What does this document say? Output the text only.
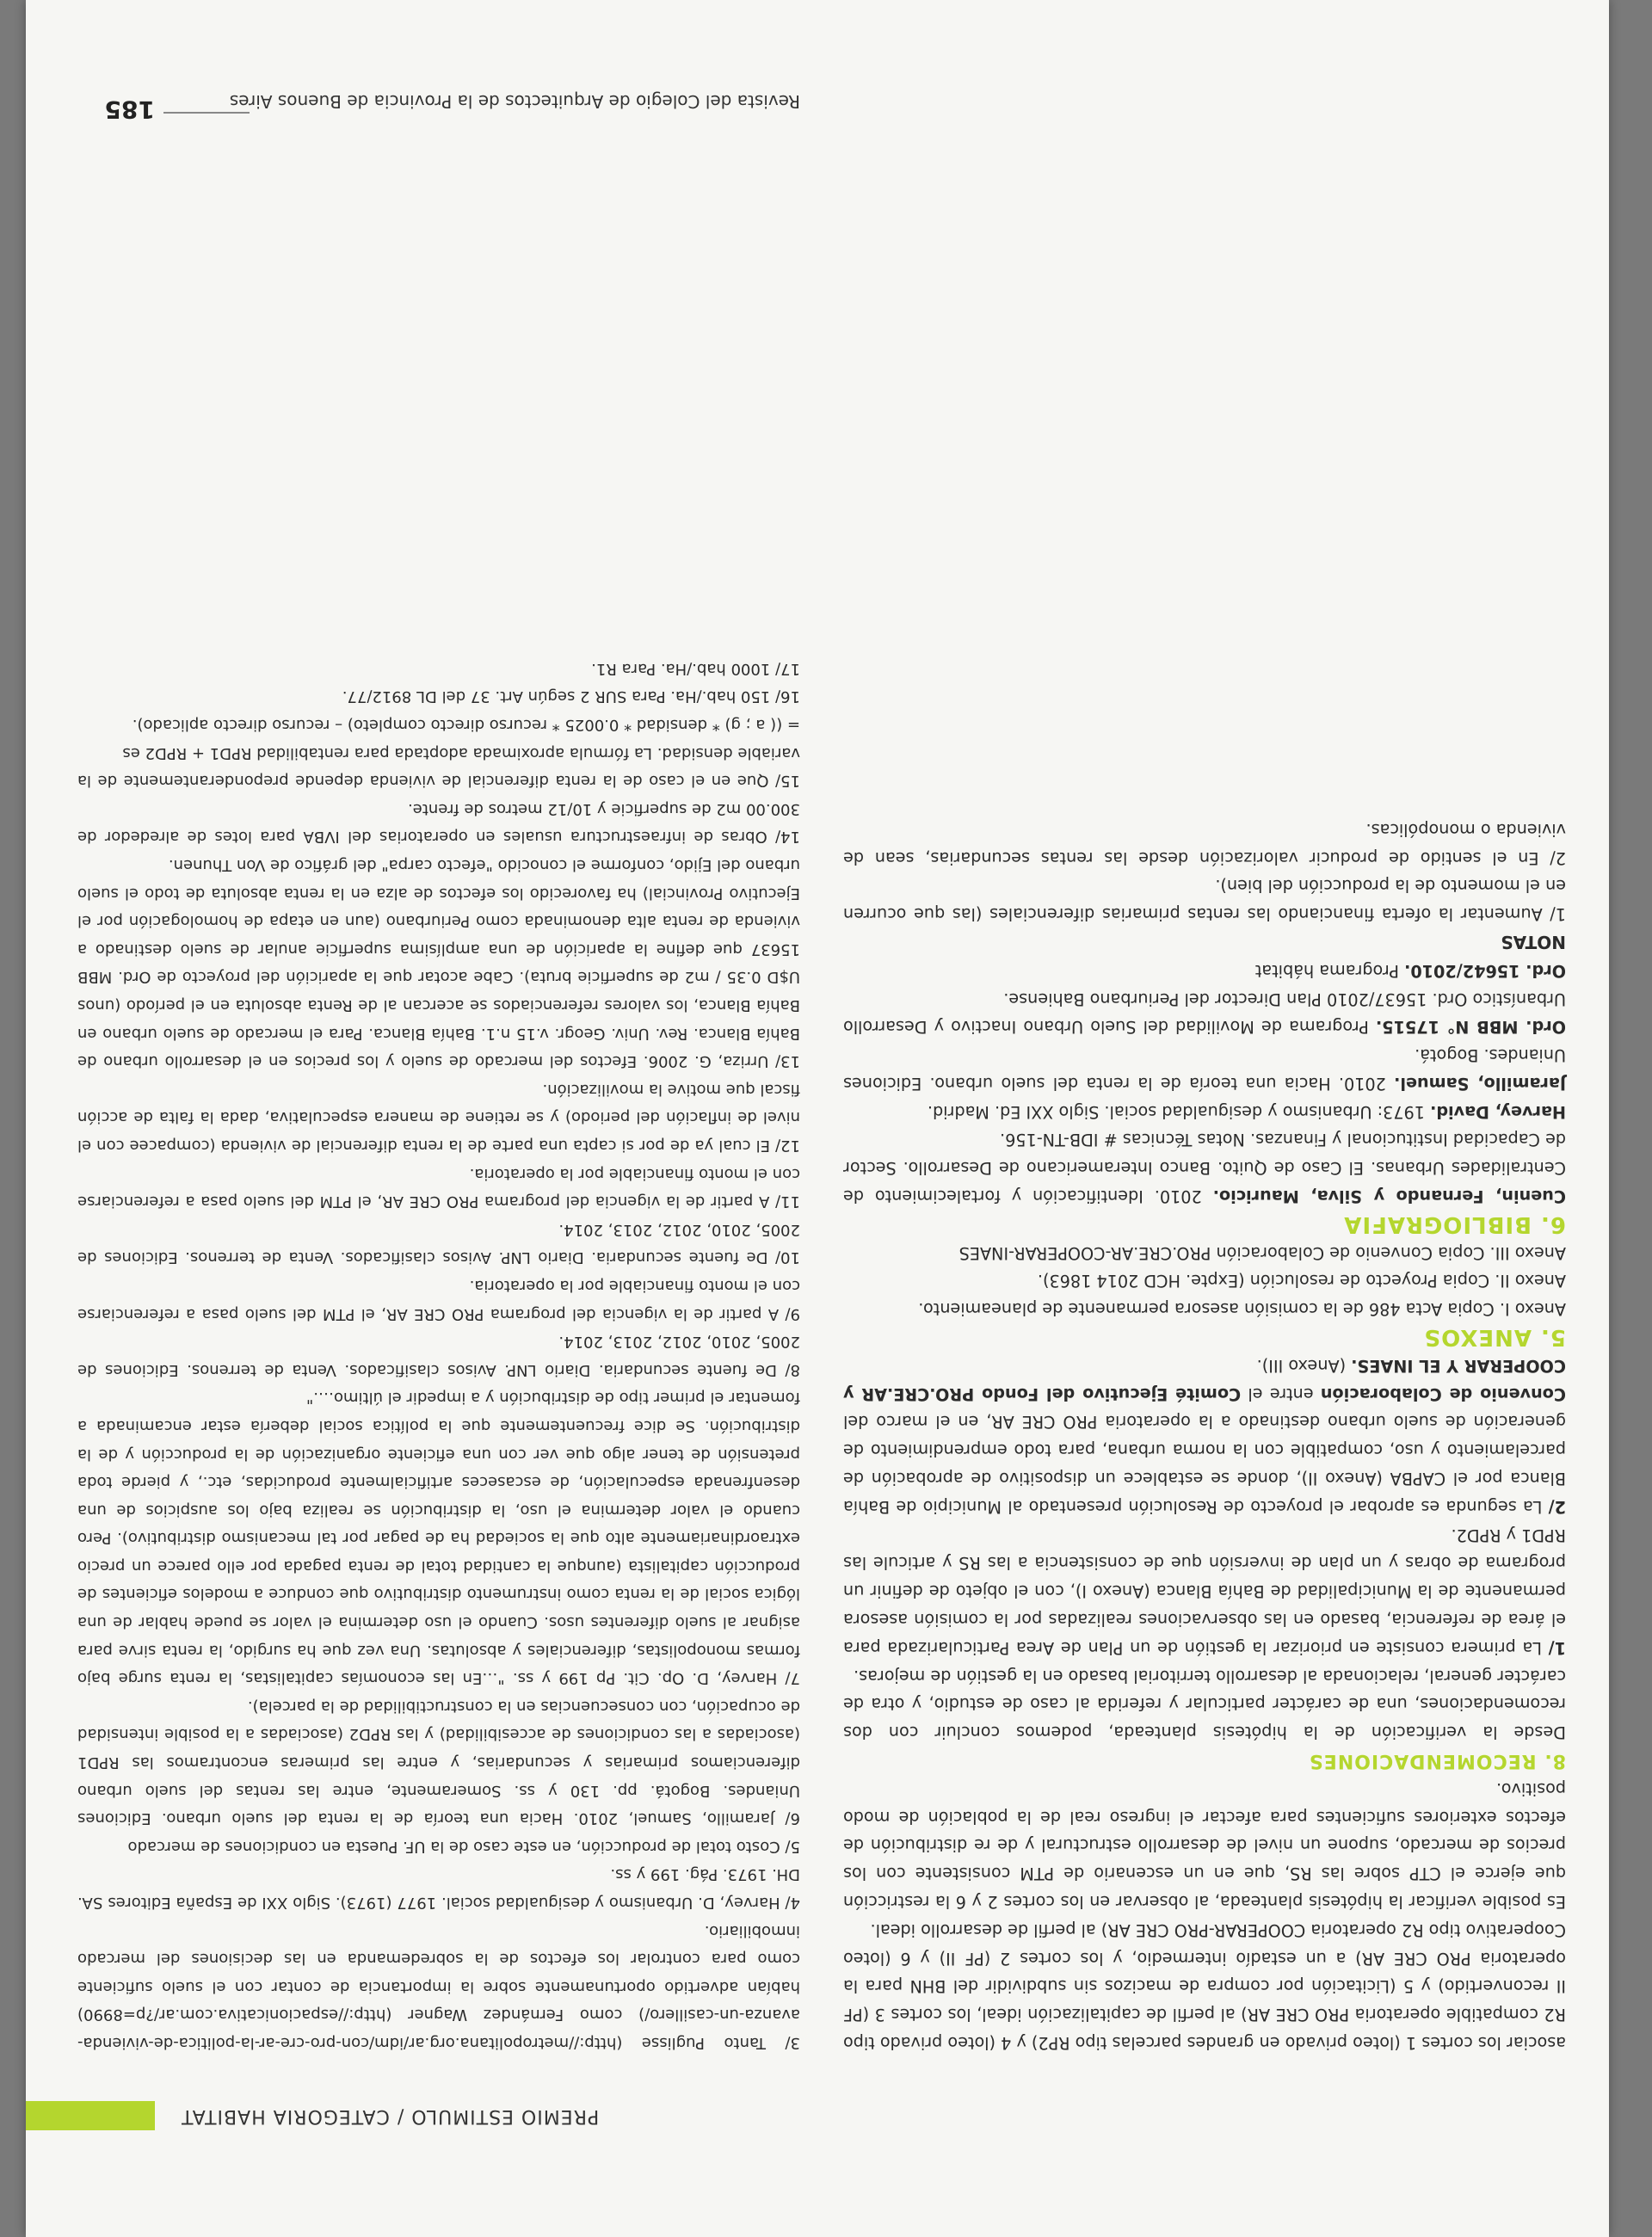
PREMIO ESTIMULO / CATEGORIA HABITAT

asociar los cortes 1 (loteo privado en grandes parcelas tipo RP2) y 4 (loteo privado tipo R2 compatible operatoria PRO CRE AR) al perfil de capitalización ideal, los cortes 3 (PF II reconvertido) y 5 (Licitación por compra de macizos sin subdividir del BHN para la operatoria PRO CRE AR) a un estadío intermedio, y los cortes 2 (PF II) y 6 (loteo Cooperativo tipo R2 operatoria COOPERAR-PRO CRE AR) al perfil de desarrollo ideal.

Es posible verificar la hipótesis planteada, al observar en los cortes 2 y 6 la restricción que ejerce el CTP sobre las RS, que en un escenario de PTM consistente con los precios de mercado, supone un nivel de desarrollo estructural y de re distribución de efectos exteriores suficientes para afectar el ingreso real de la población de modo positivo.

8. RECOMENDACIONES

Desde la verificación de la hipótesis planteada, podemos concluir con dos recomendaciones, una de carácter particular y referida al caso de estudio, y otra de carácter general, relacionada al desarrollo territorial basado en la gestión de mejoras.

1/ La primera consiste en priorizar la gestión de un Plan de Area Particularizada para el área de referencia, basado en las observaciones realizadas por la comisión asesora permanente de la Municipalidad de Bahía Blanca (Anexo I), con el objeto de definir un programa de obras y un plan de inversión que de consistencia a las RS y articule las RPD1 y RPD2.

2/ La segunda es aprobar el proyecto de Resolución presentado al Municipio de Bahía Blanca por el CAPBA (Anexo II), donde se establece un dispositivo de aprobación de parcelamiento y uso, compatible con la norma urbana, para todo emprendimiento de generación de suelo urbano destinado a la operatoria PRO CRE AR, en el marco del Convenio de Colaboración entre el Comité Ejecutivo del Fondo PRO.CRE.AR y COOPERAR Y EL INAES. (Anexo III).

5. ANEXOS

Anexo I. Copia Acta 486 de la comisión asesora permanente de planeamiento.

Anexo II. Copia Proyecto de resolución (Expte. HCD 2014 1863).

Anexo III. Copia Convenio de Colaboración PRO.CRE.AR-COOPERAR-INAES

6. BIBLIOGRAFIA

Cuenin, Fernando y Silva, Mauricio. 2010. Identificación y fortalecimiento de Centralidades Urbanas. El Caso de Quito. Banco Interamericano de Desarrollo. Sector de Capacidad Institucional y Finanzas. Notas Técnicas # IDB-TN-156.

Harvey, David. 1973: Urbanismo y desigualdad social. Siglo XXI Ed. Madrid.

Jaramillo, Samuel. 2010. Hacia una teoría de la renta del suelo urbano. Ediciones Uniandes. Bogotá.

Ord. MBB N° 17515. Programa de Movilidad del Suelo Urbano Inactivo y Desarrollo Urbanístico Ord. 15637/2010 Plan Director del Periurbano Bahiense.

Ord. 15642/2010. Programa hábitat

NOTAS

1/ Aumentar la oferta financiando las rentas primarias diferenciales (las que ocurren en el momento de la producción del bien).

2/ En el sentido de producir valorización desde las rentas secundarias, sean de vivienda o monopólicas.

3/ Tanto Puglisse (http://metropolitana.org.ar/idm/con-pro-cre-ar-la-politica-de-vivienda-avanza-un-casillero/) como Fernández Wagner (http://espacionicativa.com.ar/?p=8990) habían advertido oportunamente sobre la importancia de contar con el suelo suficiente como para controlar los efectos de la sobredemanda en las decisiones del mercado inmobiliario.

4/ Harvey, D. Urbanismo y desigualdad social. 1977 (1973). Siglo XXI de España Editores SA. DH. 1973. Pág. 199 y ss.

5/ Costo total de producción, en este caso de la UF. Puesta en condiciones de mercado

6/ Jaramillo, Samuel, 2010. Hacia una teoría de la renta del suelo urbano. Ediciones Uniandes. Bogotá. pp. 130 y ss. Someramente, entre las rentas del suelo urbano diferenciamos primarias y secundarias, y entre las primeras encontramos las RPD1 (asociadas a las condiciones de accesibilidad) y las RPD2 (asociadas a la posible intensidad de ocupación, con consecuencias en la constructibilidad de la parcela).

7/ Harvey, D. Op. Cit. Pp 199 y ss. "…En las economías capitalistas, la renta surge bajo formas monopolistas, diferenciales y absolutas. Una vez que ha surgido, la renta sirve para asignar al suelo diferentes usos. Cuando el uso determina el valor se puede hablar de una lógica social de la renta como instrumento distributivo que conduce a modelos eficientes de producción capitalista (aunque la cantidad total de renta pagada por ello parece un precio extraordinariamente alto que la sociedad ha de pagar por tal mecanismo distributivo). Pero cuando el valor determina el uso, la distribución se realiza bajo los auspicios de una desenfrenada especulación, de escaseces artificialmente producidas, etc., y pierde toda pretensión de tener algo que ver con una eficiente organización de la producción y de la distribución. Se dice frecuentemente que la política social debería estar encaminada a fomentar el primer tipo de distribución y a impedir el último…."

8/ De fuente secundaria. Diario LNP. Avisos clasificados. Venta de terrenos. Ediciones de 2005, 2010, 2012, 2013, 2014.

9/ A partir de la vigencia del programa PRO CRE AR, el PTM del suelo pasa a referenciarse con el monto financiable por la operatoria.

10/ De fuente secundaria. Diario LNP. Avisos clasificados. Venta de terrenos. Ediciones de 2005, 2010, 2012, 2013, 2014.

11/ A partir de la vigencia del programa PRO CRE AR, el PTM del suelo pasa a referenciarse con el monto financiable por la operatoria.

12/ El cual ya de por si capta una parte de la renta diferencial de vivienda (compacee con el nivel de inflación del periodo) y se retiene de manera especulativa, dada la falta de acción fiscal que motive la movilización.

13/ Urriza, G. 2006. Efectos del mercado de suelo y los precios en el desarrollo urbano de Bahía Blanca. Rev. Univ. Geogr. v.15 n.1. Bahía Blanca. Para el mercado de suelo urbano en Bahía Blanca, los valores referenciados se acercan al de Renta absoluta en el período (unos U$D 0.35 / m2 de superficie bruta). Cabe acotar que la aparición del proyecto de Ord. MBB 15637 que define la aparición de una amplísima superficie anular de suelo destinado a vivienda de renta alta denominada como Periurbano (aun en etapa de homologación por el Ejecutivo Provincial) ha favorecido los efectos de alza en la renta absoluta de todo el suelo urbano del Ejido, conforme el conocido "efecto carpa" del gráfico de Von Thunen.

14/ Obras de infraestructura usuales en operatorias del IVBA para lotes de alrededor de 300.00 m2 de superficie y 10/12 metros de frente.

15/ Que en el caso de la renta diferencial de vivienda depende preponderantemente de la variable densidad. La fórmula aproximada adoptada para rentabilidad RPD1 + RPD2 es

= (( a ; g) * densidad * 0.0025 * recurso directo completo) – recurso directo aplicado).

16/ 150 hab./Ha. Para SUR 2 según Art. 37 del DL 8912/77.

17/ 1000 hab./Ha. Para R1.

Revista del Colegio de Arquitectos de la Provincia de Buenos Aires
185
